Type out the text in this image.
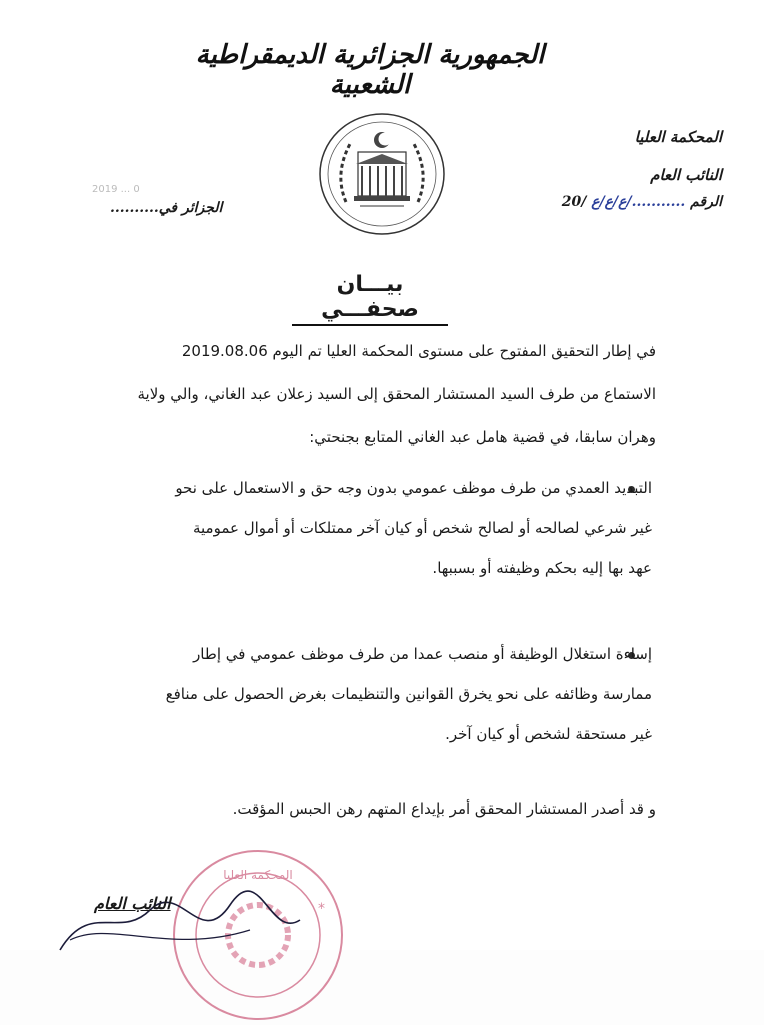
الجمهورية الجزائرية الديمقراطية الشعبية
المحكمة العليا
النائب العام
الرقم .........../ع/ع/ع /20
2019 ... 0
الجزائر في..........
بيـــان صحفـــي
في إطار التحقيق المفتوح على مستوى المحكمة العليا تم اليوم 2019.08.06
الاستماع من طرف السيد المستشار المحقق إلى السيد زعلان عبد الغاني، والي ولاية
وهران سابقا، في قضية هامل عبد الغاني المتابع بجنحتي:
التبديد العمدي من طرف موظف عمومي بدون وجه حق و الاستعمال على نحو
غير شرعي لصالحه أو لصالح شخص أو كيان آخر ممتلكات أو أموال عمومية
عهد بها إليه بحكم وظيفته أو بسببها.
إساءة استغلال الوظيفة أو منصب عمدا من طرف موظف عمومي في إطار
ممارسة وظائفه على نحو يخرق القوانين والتنظيمات بغرض الحصول على منافع
غير مستحقة لشخص أو كيان آخر.
و قد أصدر المستشار المحقق أمر بإيداع المتهم رهن الحبس المؤقت.
المحكمة العليا
*
النائب العام
